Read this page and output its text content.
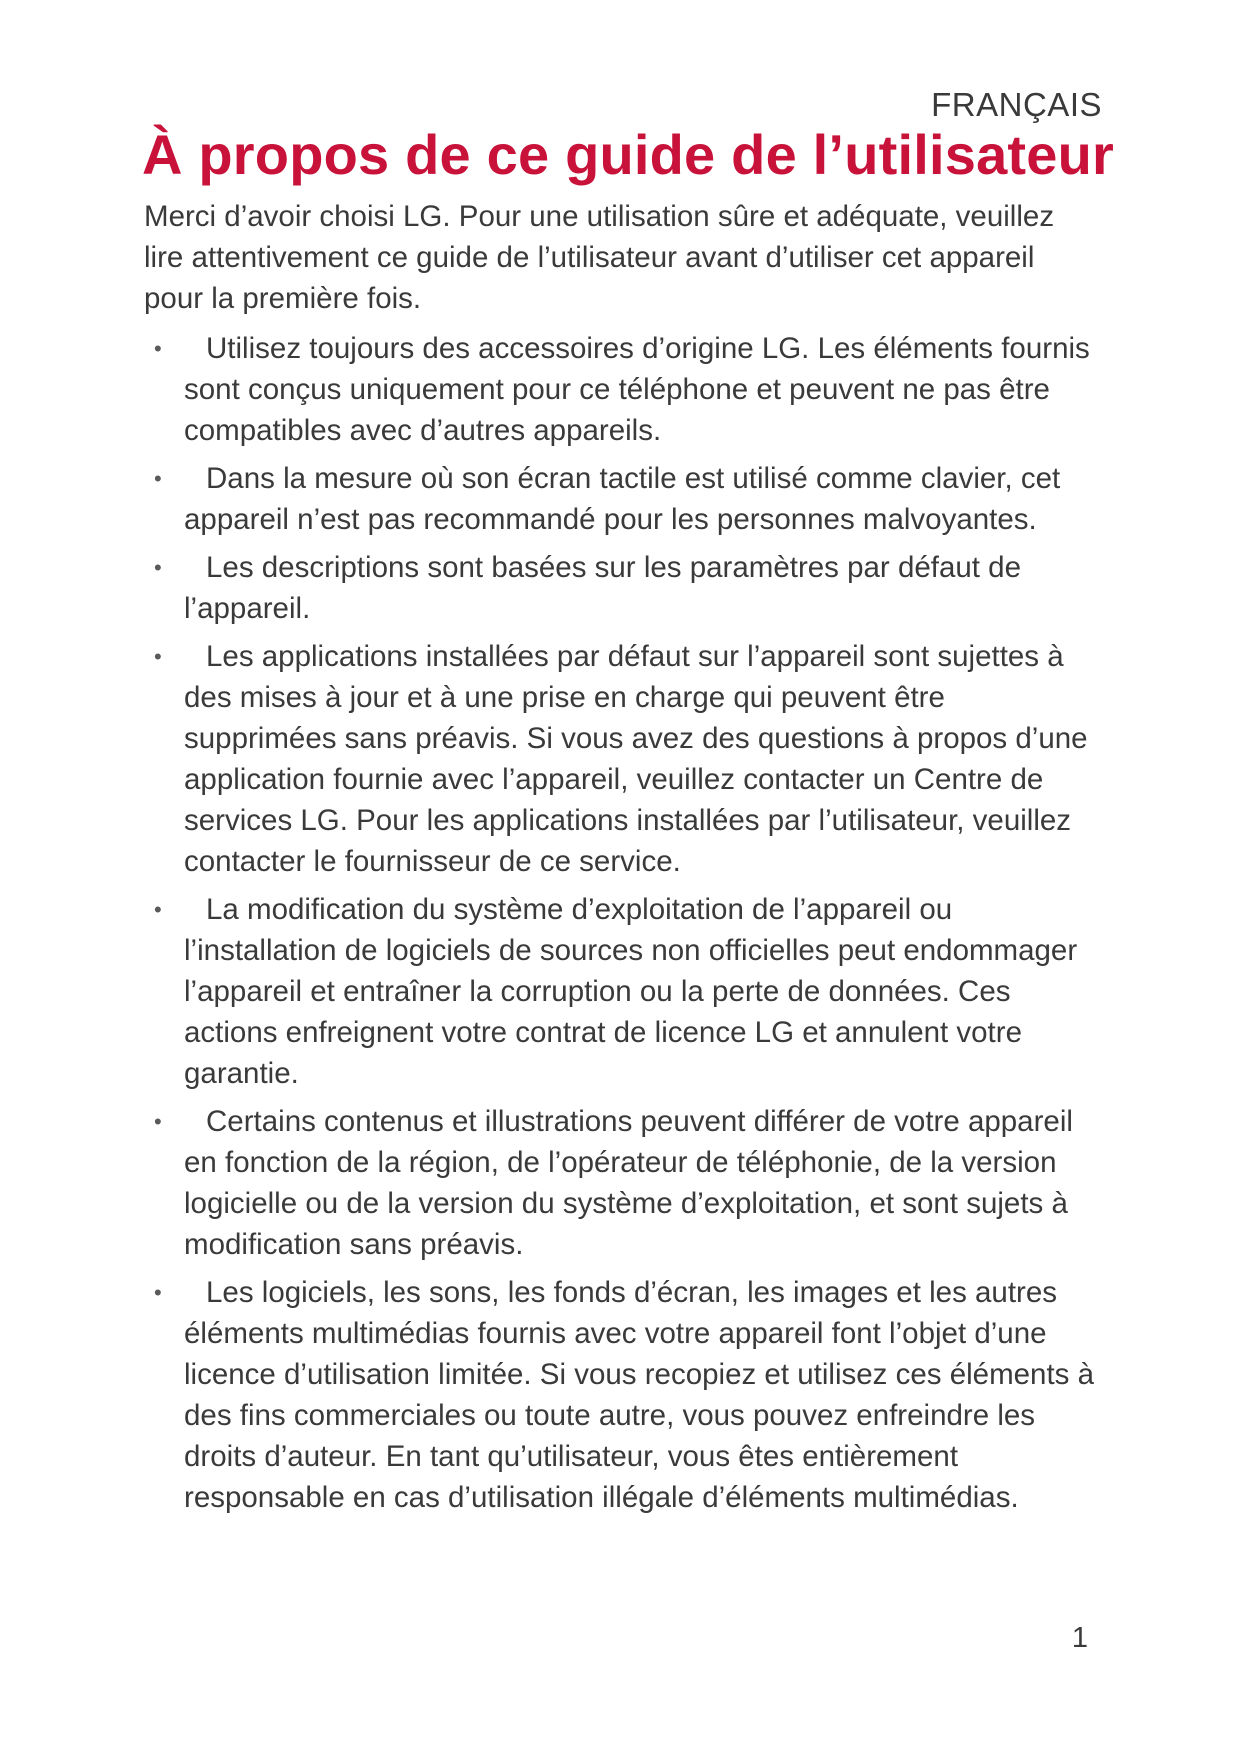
FRANÇAIS
À propos de ce guide de l’utilisateur

Merci d’avoir choisi LG. Pour une utilisation sûre et adéquate, veuillez lire attentivement ce guide de l’utilisateur avant d’utiliser cet appareil pour la première fois.

•	Utilisez toujours des accessoires d’origine LG. Les éléments fournis sont conçus uniquement pour ce téléphone et peuvent ne pas être compatibles avec d’autres appareils.
•	Dans la mesure où son écran tactile est utilisé comme clavier, cet appareil n’est pas recommandé pour les personnes malvoyantes.
•	Les descriptions sont basées sur les paramètres par défaut de l’appareil.
•	Les applications installées par défaut sur l’appareil sont sujettes à des mises à jour et à une prise en charge qui peuvent être supprimées sans préavis. Si vous avez des questions à propos d’une application fournie avec l’appareil, veuillez contacter un Centre de services LG. Pour les applications installées par l’utilisateur, veuillez contacter le fournisseur de ce service.
•	La modification du système d’exploitation de l’appareil ou l’installation de logiciels de sources non officielles peut endommager l’appareil et entraîner la corruption ou la perte de données. Ces actions enfreignent votre contrat de licence LG et annulent votre garantie.
•	Certains contenus et illustrations peuvent différer de votre appareil en fonction de la région, de l’opérateur de téléphonie, de la version logicielle ou de la version du système d’exploitation, et sont sujets à modification sans préavis.
•	Les logiciels, les sons, les fonds d’écran, les images et les autres éléments multimédias fournis avec votre appareil font l’objet d’une licence d’utilisation limitée. Si vous recopiez et utilisez ces éléments à des fins commerciales ou toute autre, vous pouvez enfreindre les droits d’auteur. En tant qu’utilisateur, vous êtes entièrement responsable en cas d’utilisation illégale d’éléments multimédias.
1
